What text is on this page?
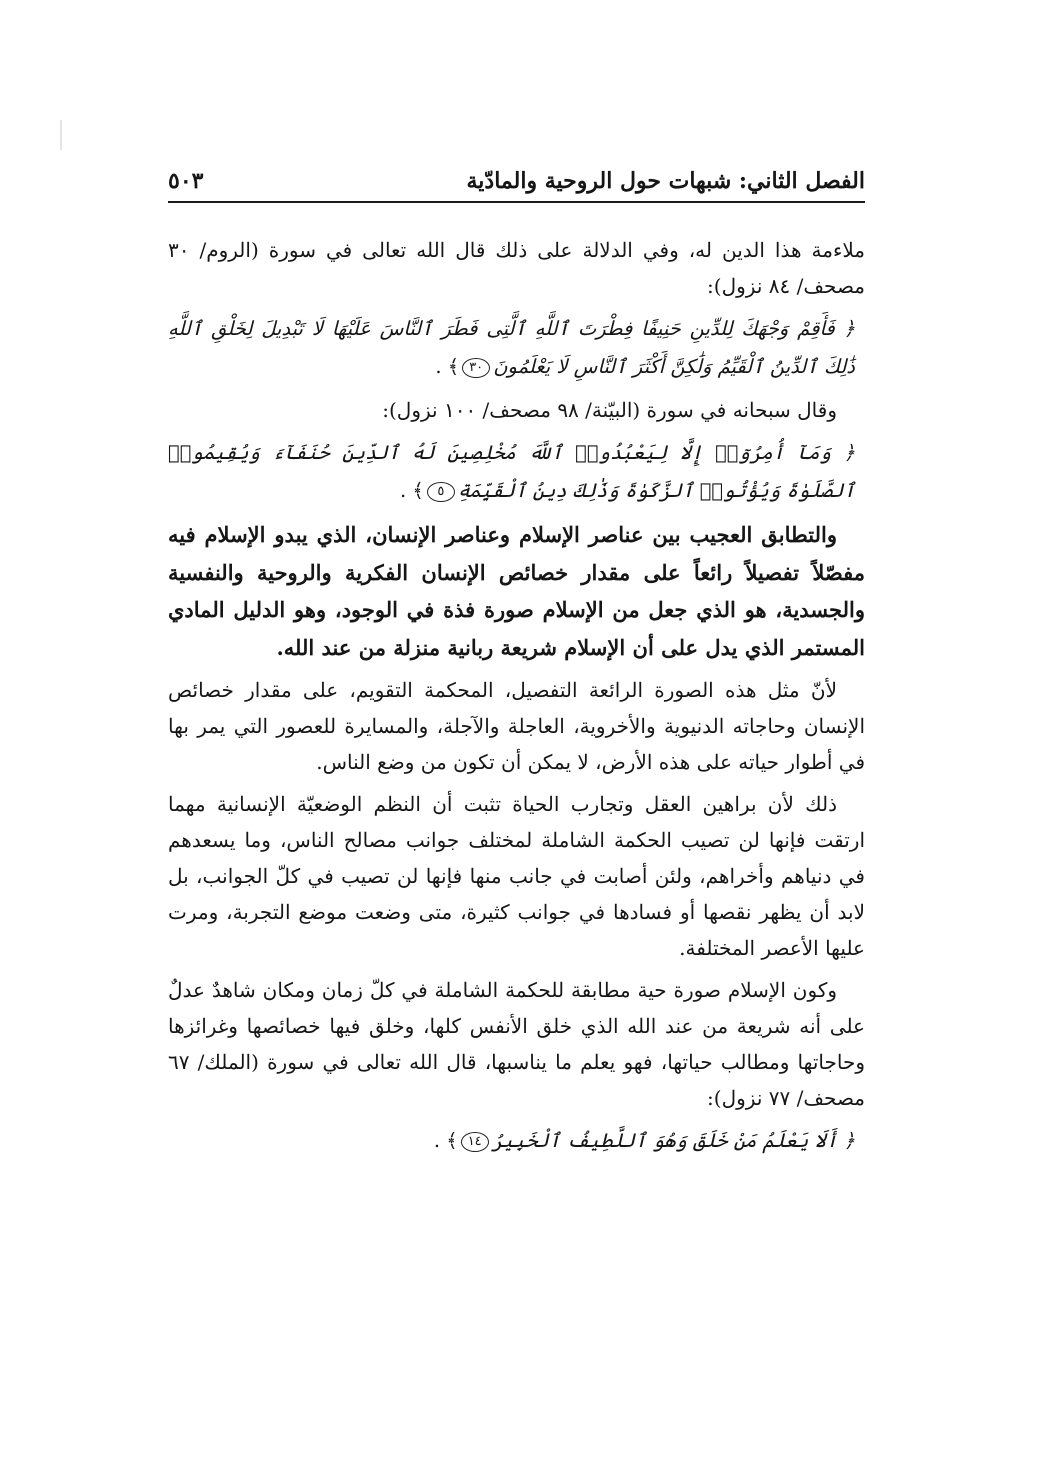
الفصل الثاني: شبهات حول الروحية والمادّية
٥٠٣

ملاءمة هذا الدين له، وفي الدلالة على ذلك قال الله تعالى في سورة (الروم/ ٣٠ مصحف/ ٨٤ نزول):

﴿ فَأَقِمْ وَجْهَكَ لِلدِّينِ حَنِيفًا فِطْرَتَ ٱللَّهِ ٱلَّتِى فَطَرَ ٱلنَّاسَ عَلَيْهَا لَا تَبْدِيلَ لِخَلْقِ ٱللَّهِ ذَٰلِكَ ٱلدِّينُ ٱلْقَيِّمُ وَلَٰكِنَّ أَكْثَرَ ٱلنَّاسِ لَا يَعْلَمُونَ٣٠﴾ .

وقال سبحانه في سورة (البيّنة/ ٩٨ مصحف/ ١٠٠ نزول):

﴿ وَمَآ أُمِرُوٓا۟ إِلَّا لِيَعْبُدُوا۟ ٱللَّهَ مُخْلِصِينَ لَهُ ٱلدِّينَ حُنَفَآءَ وَيُقِيمُوا۟ ٱلصَّلَوٰةَ وَيُؤْتُوا۟ ٱلزَّكَوٰةَ وَذَٰلِكَ دِينُ ٱلْقَيِّمَةِ٥﴾ .

والتطابق العجيب بين عناصر الإسلام وعناصر الإنسان، الذي يبدو الإسلام فيه مفصّلاً تفصيلاً رائعاً على مقدار خصائص الإنسان الفكرية والروحية والنفسية والجسدية، هو الذي جعل من الإسلام صورة فذة في الوجود، وهو الدليل المادي المستمر الذي يدل على أن الإسلام شريعة ربانية منزلة من عند الله.

لأنّ مثل هذه الصورة الرائعة التفصيل، المحكمة التقويم، على مقدار خصائص الإنسان وحاجاته الدنيوية والأخروية، العاجلة والآجلة، والمسايرة للعصور التي يمر بها في أطوار حياته على هذه الأرض، لا يمكن أن تكون من وضع الناس.

ذلك لأن براهين العقل وتجارب الحياة تثبت أن النظم الوضعيّة الإنسانية مهما ارتقت فإنها لن تصيب الحكمة الشاملة لمختلف جوانب مصالح الناس، وما يسعدهم في دنياهم وأخراهم، ولئن أصابت في جانب منها فإنها لن تصيب في كلّ الجوانب، بل لابد أن يظهر نقصها أو فسادها في جوانب كثيرة، متى وضعت موضع التجربة، ومرت عليها الأعصر المختلفة.

وكون الإسلام صورة حية مطابقة للحكمة الشاملة في كلّ زمان ومكان شاهدٌ عدلٌ على أنه شريعة من عند الله الذي خلق الأنفس كلها، وخلق فيها خصائصها وغرائزها وحاجاتها ومطالب حياتها، فهو يعلم ما يناسبها، قال الله تعالى في سورة (الملك/ ٦٧ مصحف/ ٧٧ نزول):

﴿ أَلَا يَعْلَمُ مَنْ خَلَقَ وَهُوَ ٱللَّطِيفُ ٱلْخَبِيرُ١٤﴾ .
